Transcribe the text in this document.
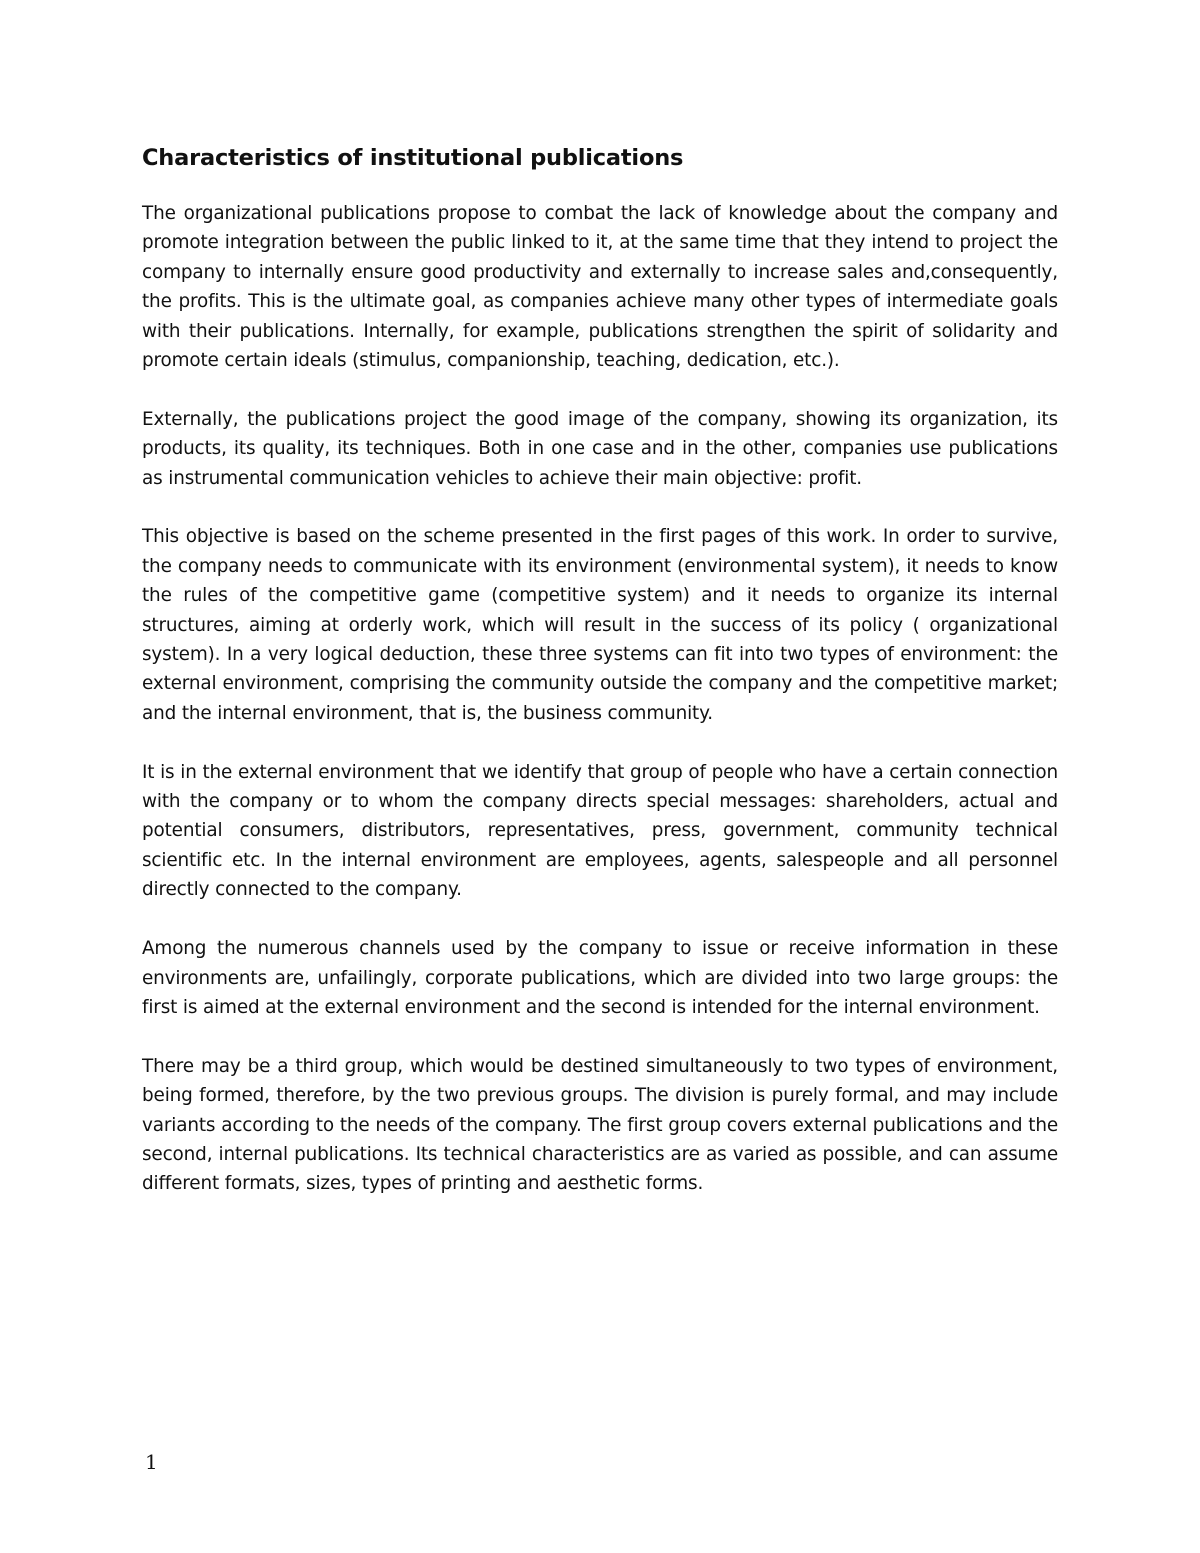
Characteristics of institutional publications

The organizational publications propose to combat the lack of knowledge about the company and promote integration between the public linked to it, at the same time that they intend to project the company to internally ensure good productivity and externally to increase sales and,consequently, the profits. This is the ultimate goal, as companies achieve many other types of intermediate goals with their publications. Internally, for example, publications strengthen the spirit of solidarity and promote certain ideals (stimulus, companionship, teaching, dedication, etc.).

Externally, the publications project the good image of the company, showing its organization, its products, its quality, its techniques. Both in one case and in the other, companies use publications as instrumental communication vehicles to achieve their main objective: profit.

This objective is based on the scheme presented in the first pages of this work. In order to survive, the company needs to communicate with its environment (environmental system), it needs to know the rules of the competitive game (competitive system) and it needs to organize its internal structures, aiming at orderly work, which will result in the success of its policy ( organizational system). In a very logical deduction, these three systems can fit into two types of environment: the external environment, comprising the community outside the company and the competitive market; and the internal environment, that is, the business community.

It is in the external environment that we identify that group of people who have a certain connection with the company or to whom the company directs special messages: shareholders, actual and potential consumers, distributors, representatives, press, government, community technical scientific etc. In the internal environment are employees, agents, salespeople and all personnel directly connected to the company.

Among the numerous channels used by the company to issue or receive information in these environments are, unfailingly, corporate publications, which are divided into two large groups: the first is aimed at the external environment and the second is intended for the internal environment.

There may be a third group, which would be destined simultaneously to two types of environment, being formed, therefore, by the two previous groups. The division is purely formal, and may include variants according to the needs of the company. The first group covers external publications and the second, internal publications. Its technical characteristics are as varied as possible, and can assume different formats, sizes, types of printing and aesthetic forms.

1
